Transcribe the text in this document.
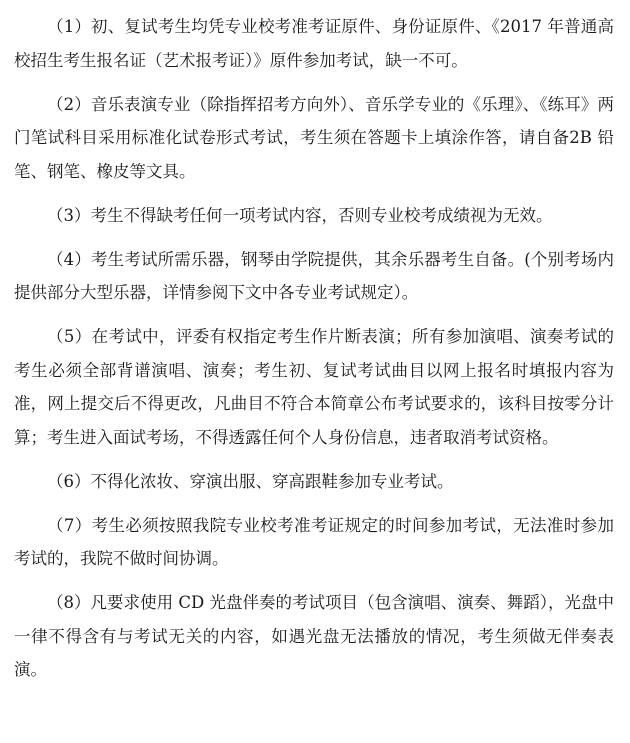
（1）初、复试考生均凭专业校考准考证原件、身份证原件、《2017 年普通高校招生考生报名证（艺术报考证）》原件参加考试，缺一不可。

（2）音乐表演专业（除指挥招考方向外）、音乐学专业的《乐理》、《练耳》两门笔试科目采用标准化试卷形式考试，考生须在答题卡上填涂作答，请自备2B 铅笔、钢笔、橡皮等文具。

（3）考生不得缺考任何一项考试内容，否则专业校考成绩视为无效。

（4）考生考试所需乐器，钢琴由学院提供，其余乐器考生自备。(个别考场内提供部分大型乐器，详情参阅下文中各专业考试规定）。

（5）在考试中，评委有权指定考生作片断表演；所有参加演唱、演奏考试的考生必须全部背谱演唱、演奏；考生初、复试考试曲目以网上报名时填报内容为准，网上提交后不得更改，凡曲目不符合本简章公布考试要求的，该科目按零分计算；考生进入面试考场，不得透露任何个人身份信息，违者取消考试资格。

（6）不得化浓妆、穿演出服、穿高跟鞋参加专业考试。

（7）考生必须按照我院专业校考准考证规定的时间参加考试，无法准时参加考试的，我院不做时间协调。

（8）凡要求使用 CD 光盘伴奏的考试项目（包含演唱、演奏、舞蹈），光盘中一律不得含有与考试无关的内容，如遇光盘无法播放的情况，考生须做无伴奏表演。
